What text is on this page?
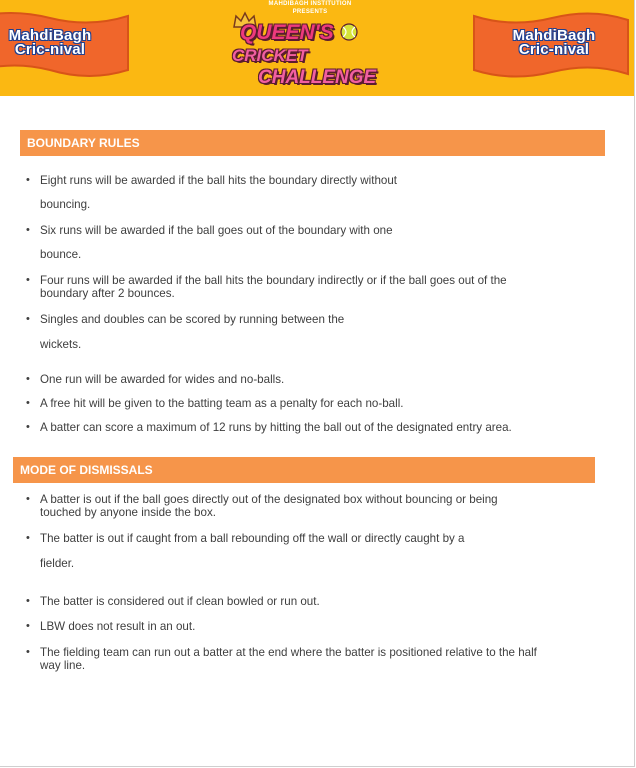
MahdiBagh
Cric-nival
MAHDIBAGH INSTITUTION
PRESENTS
QUEEN'S
CRICKET
CHALLENGE
MahdiBagh
Cric-nival
BOUNDARY RULES
• Eight runs will be awarded if the ball hits the boundary directly without
bouncing.
• Six runs will be awarded if the ball goes out of the boundary with one
bounce.
• Four runs will be awarded if the ball hits the boundary indirectly or if the ball goes out of the
boundary after 2 bounces.
• Singles and doubles can be scored by running between the
wickets.
• One run will be awarded for wides and no-balls.
• A free hit will be given to the batting team as a penalty for each no-ball.
• A batter can score a maximum of 12 runs by hitting the ball out of the designated entry area.
MODE OF DISMISSALS
• A batter is out if the ball goes directly out of the designated box without bouncing or being
touched by anyone inside the box.
• The batter is out if caught from a ball rebounding off the wall or directly caught by a
fielder.
• The batter is considered out if clean bowled or run out.
• LBW does not result in an out.
• The fielding team can run out a batter at the end where the batter is positioned relative to the half
way line.
